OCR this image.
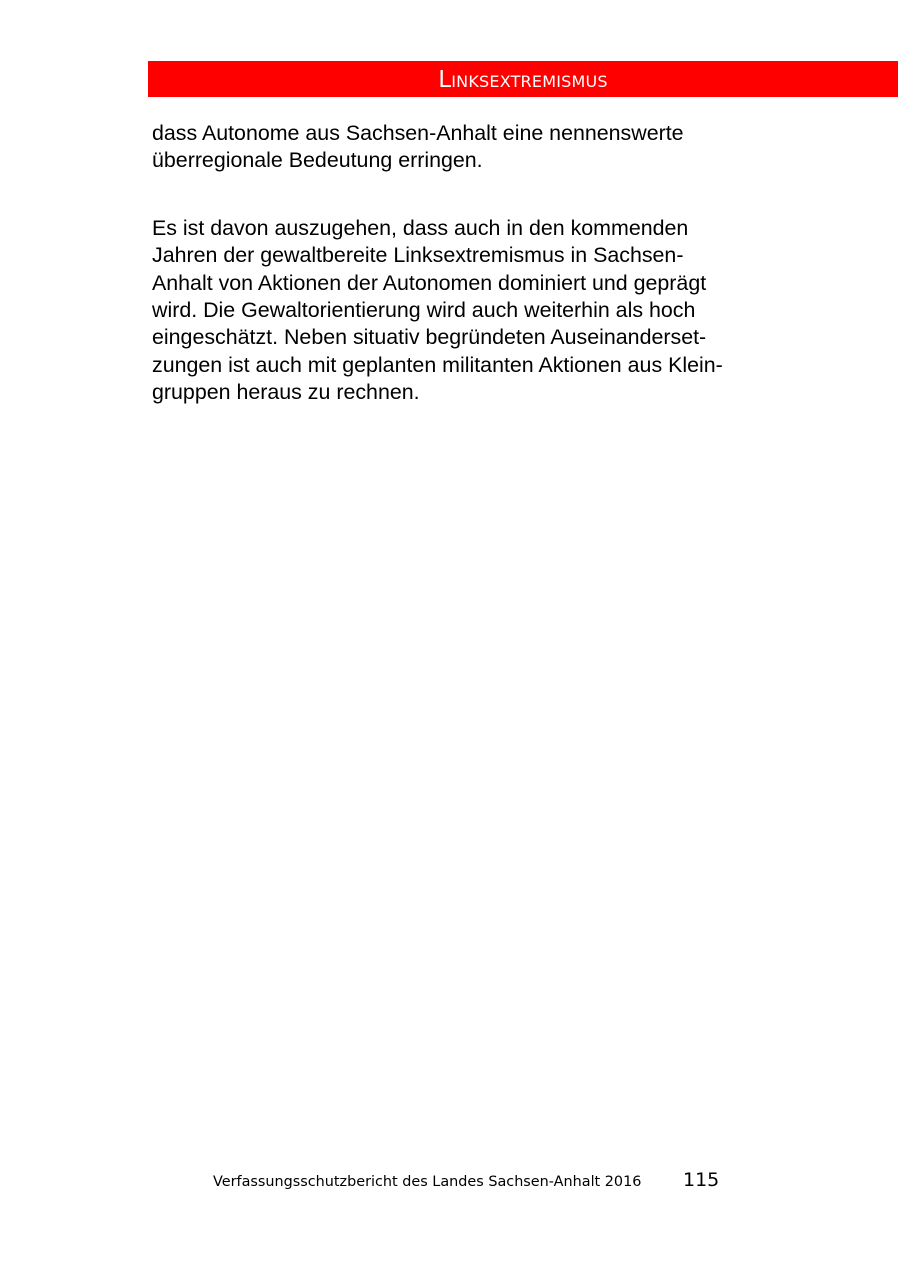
Linksextremismus

dass Autonome aus Sachsen-Anhalt eine nennenswerte
überregionale Bedeutung erringen.

Es ist davon auszugehen, dass auch in den kommenden
Jahren der gewaltbereite Linksextremismus in Sachsen-
Anhalt von Aktionen der Autonomen dominiert und geprägt
wird. Die Gewaltorientierung wird auch weiterhin als hoch
eingeschätzt. Neben situativ begründeten Auseinanderset-
zungen ist auch mit geplanten militanten Aktionen aus Klein-
gruppen heraus zu rechnen.

Verfassungsschutzbericht des Landes Sachsen-Anhalt 2016 115
